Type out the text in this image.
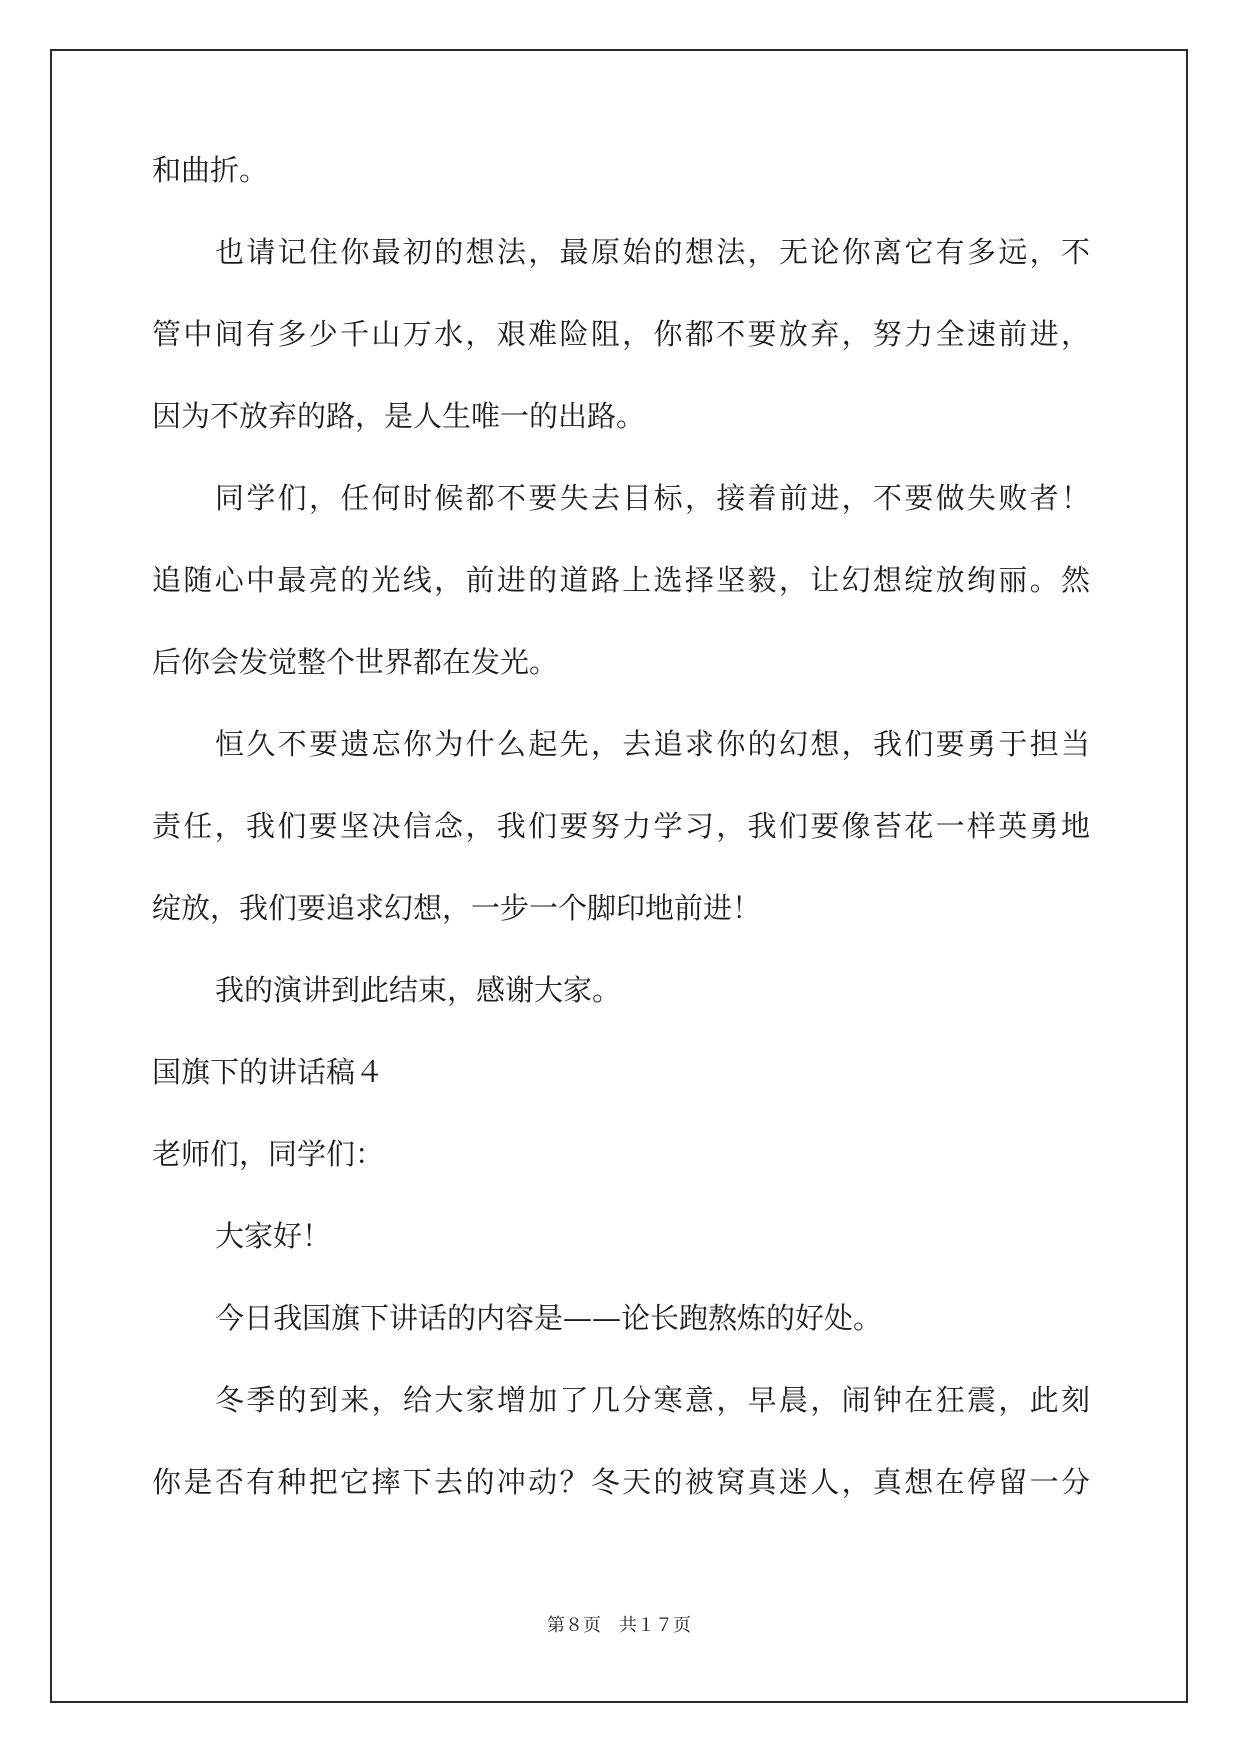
和曲折。
也请记住你最初的想法，最原始的想法，无论你离它有多远，不
管中间有多少千山万水，艰难险阻，你都不要放弃，努力全速前进，
因为不放弃的路，是人生唯一的出路。
同学们，任何时候都不要失去目标，接着前进，不要做失败者！
追随心中最亮的光线，前进的道路上选择坚毅，让幻想绽放绚丽。然
后你会发觉整个世界都在发光。
恒久不要遗忘你为什么起先，去追求你的幻想，我们要勇于担当
责任，我们要坚决信念，我们要努力学习，我们要像苔花一样英勇地
绽放，我们要追求幻想，一步一个脚印地前进！
我的演讲到此结束，感谢大家。
国旗下的讲话稿４
老师们，同学们：
大家好！
今日我国旗下讲话的内容是——论长跑熬炼的好处。
冬季的到来，给大家增加了几分寒意，早晨，闹钟在狂震，此刻
你是否有种把它摔下去的冲动？冬天的被窝真迷人，真想在停留一分
第８页　共１７页
